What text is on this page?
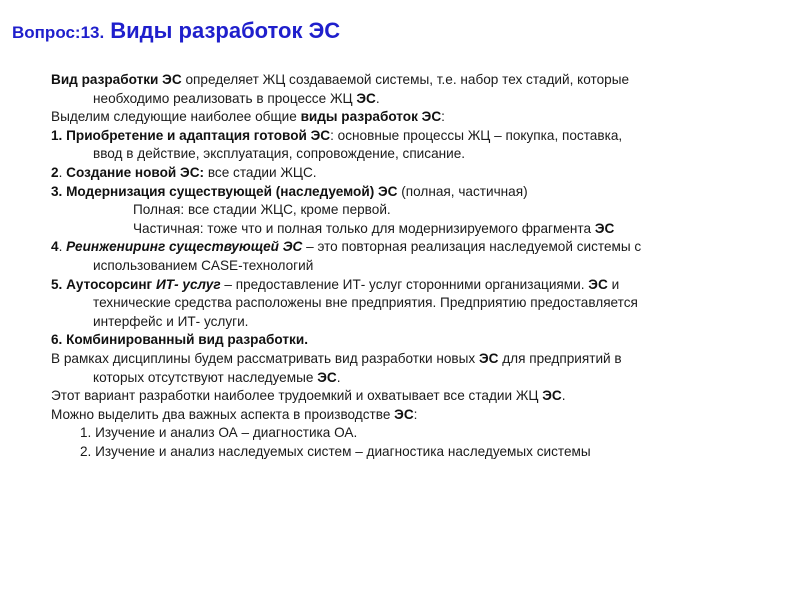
Вопрос:13. Виды разработок ЭС
Вид разработки ЭС определяет ЖЦ создаваемой системы, т.е. набор тех стадий, которые
необходимо реализовать в процессе ЖЦ ЭС.
Выделим следующие наиболее общие виды разработок ЭС:
1. Приобретение и адаптация готовой ЭС: основные процессы ЖЦ – покупка, поставка,
ввод в действие, эксплуатация, сопровождение, списание.
2. Создание новой ЭС: все стадии ЖЦС.
3. Модернизация существующей (наследуемой) ЭС (полная, частичная)
Полная: все стадии ЖЦС, кроме первой.
Частичная: тоже что и полная только для модернизируемого фрагмента ЭС
4. Реинжениринг существующей ЭС – это повторная реализация наследуемой системы с
использованием CASE-технологий
5. Аутосорсинг ИТ- услуг – предоставление ИТ- услуг сторонними организациями. ЭС и
технические средства расположены вне предприятия. Предприятию предоставляется
интерфейс и ИТ- услуги.
6. Комбинированный вид разработки.
В рамках дисциплины будем рассматривать вид разработки новых ЭС для предприятий в
которых отсутствуют наследуемые ЭС.
Этот вариант разработки наиболее трудоемкий и охватывает все стадии ЖЦ ЭС.
Можно выделить два важных аспекта в производстве ЭС:
1. Изучение и анализ ОА – диагностика ОА.
2. Изучение и анализ наследуемых систем – диагностика наследуемых системы
